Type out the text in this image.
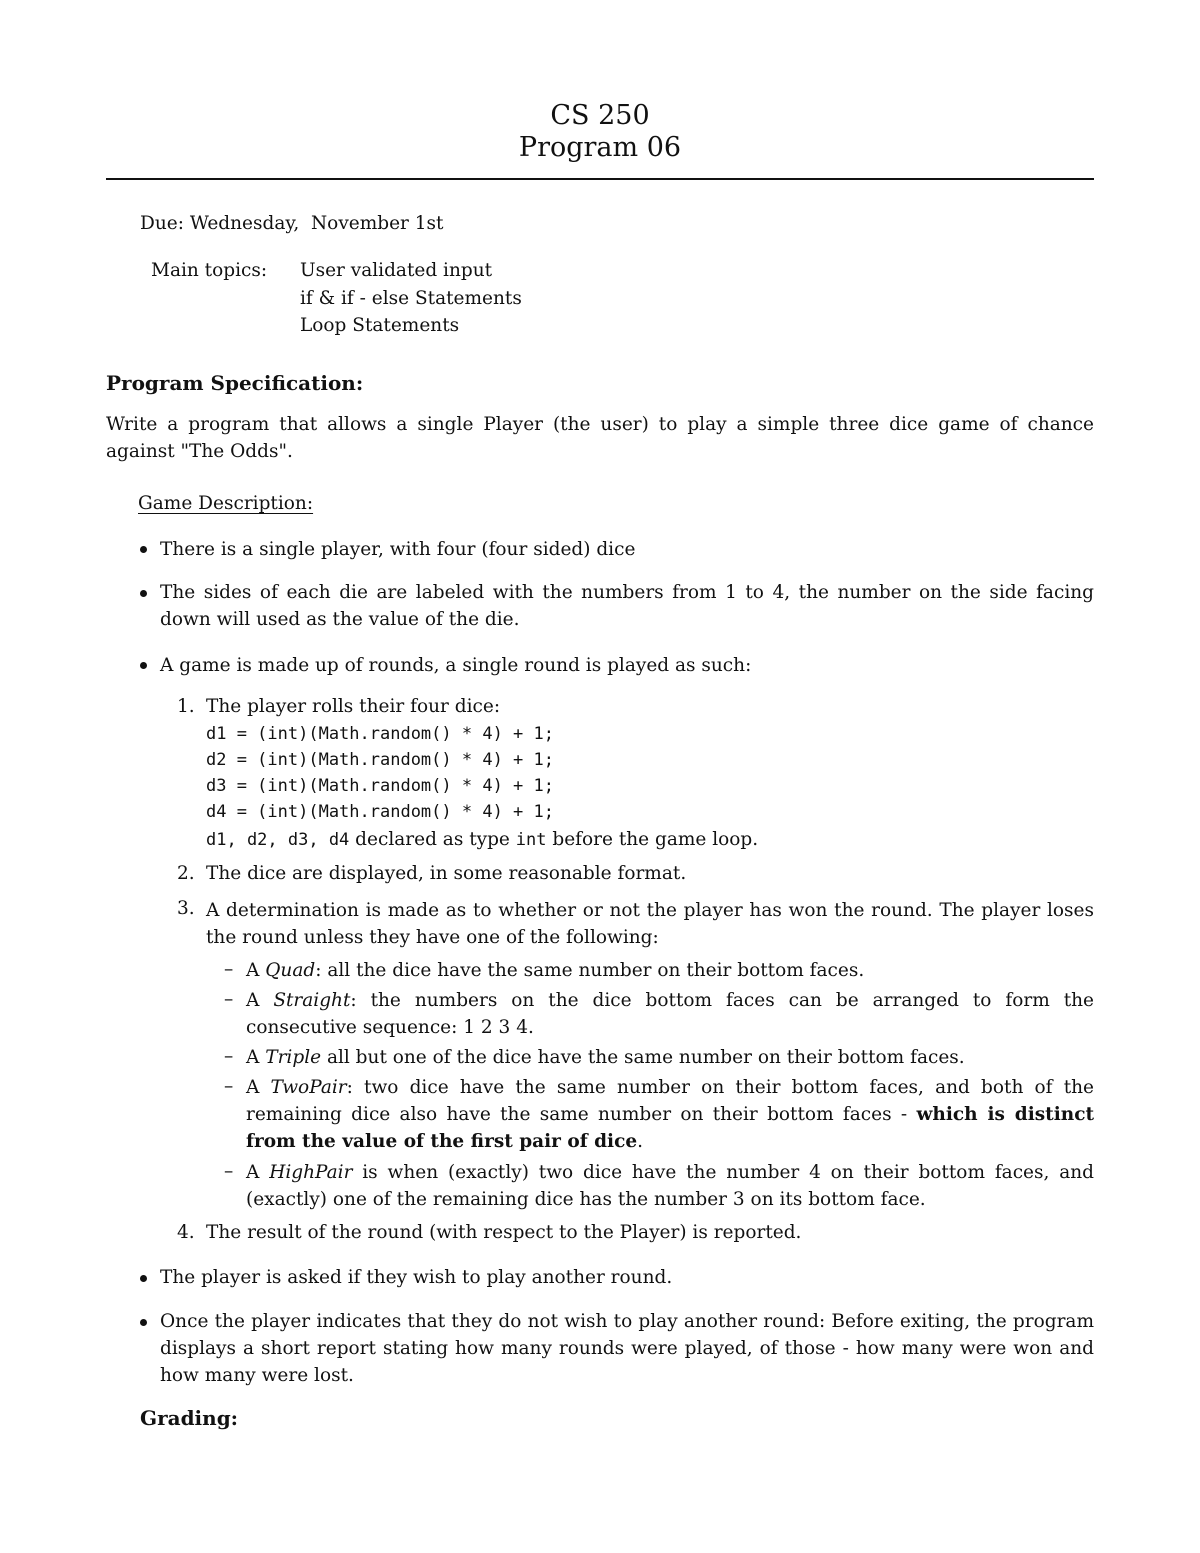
CS 250
Program 06
Due: Wednesday,  November 1st
Main topics: User validated input
if & if - else Statements
Loop Statements
Program Specification:
Write a program that allows a single Player (the user) to play a simple three dice game of chance against "The Odds".
Game Description:
There is a single player, with four (four sided) dice
The sides of each die are labeled with the numbers from 1 to 4, the number on the side facing down will used as the value of the die.
A game is made up of rounds, a single round is played as such:
1. The player rolls their four dice:
d1 = (int)(Math.random() * 4) + 1;
d2 = (int)(Math.random() * 4) + 1;
d3 = (int)(Math.random() * 4) + 1;
d4 = (int)(Math.random() * 4) + 1;
d1, d2, d3, d4 declared as type int before the game loop.
2. The dice are displayed, in some reasonable format.
3. A determination is made as to whether or not the player has won the round. The player loses the round unless they have one of the following:
– A Quad: all the dice have the same number on their bottom faces.
– A Straight: the numbers on the dice bottom faces can be arranged to form the consecutive sequence: 1 2 3 4.
– A Triple all but one of the dice have the same number on their bottom faces.
– A TwoPair: two dice have the same number on their bottom faces, and both of the remaining dice also have the same number on their bottom faces - which is distinct from the value of the first pair of dice.
– A HighPair is when (exactly) two dice have the number 4 on their bottom faces, and (exactly) one of the remaining dice has the number 3 on its bottom face.
4. The result of the round (with respect to the Player) is reported.
The player is asked if they wish to play another round.
Once the player indicates that they do not wish to play another round: Before exiting, the program displays a short report stating how many rounds were played, of those - how many were won and how many were lost.
Grading:
